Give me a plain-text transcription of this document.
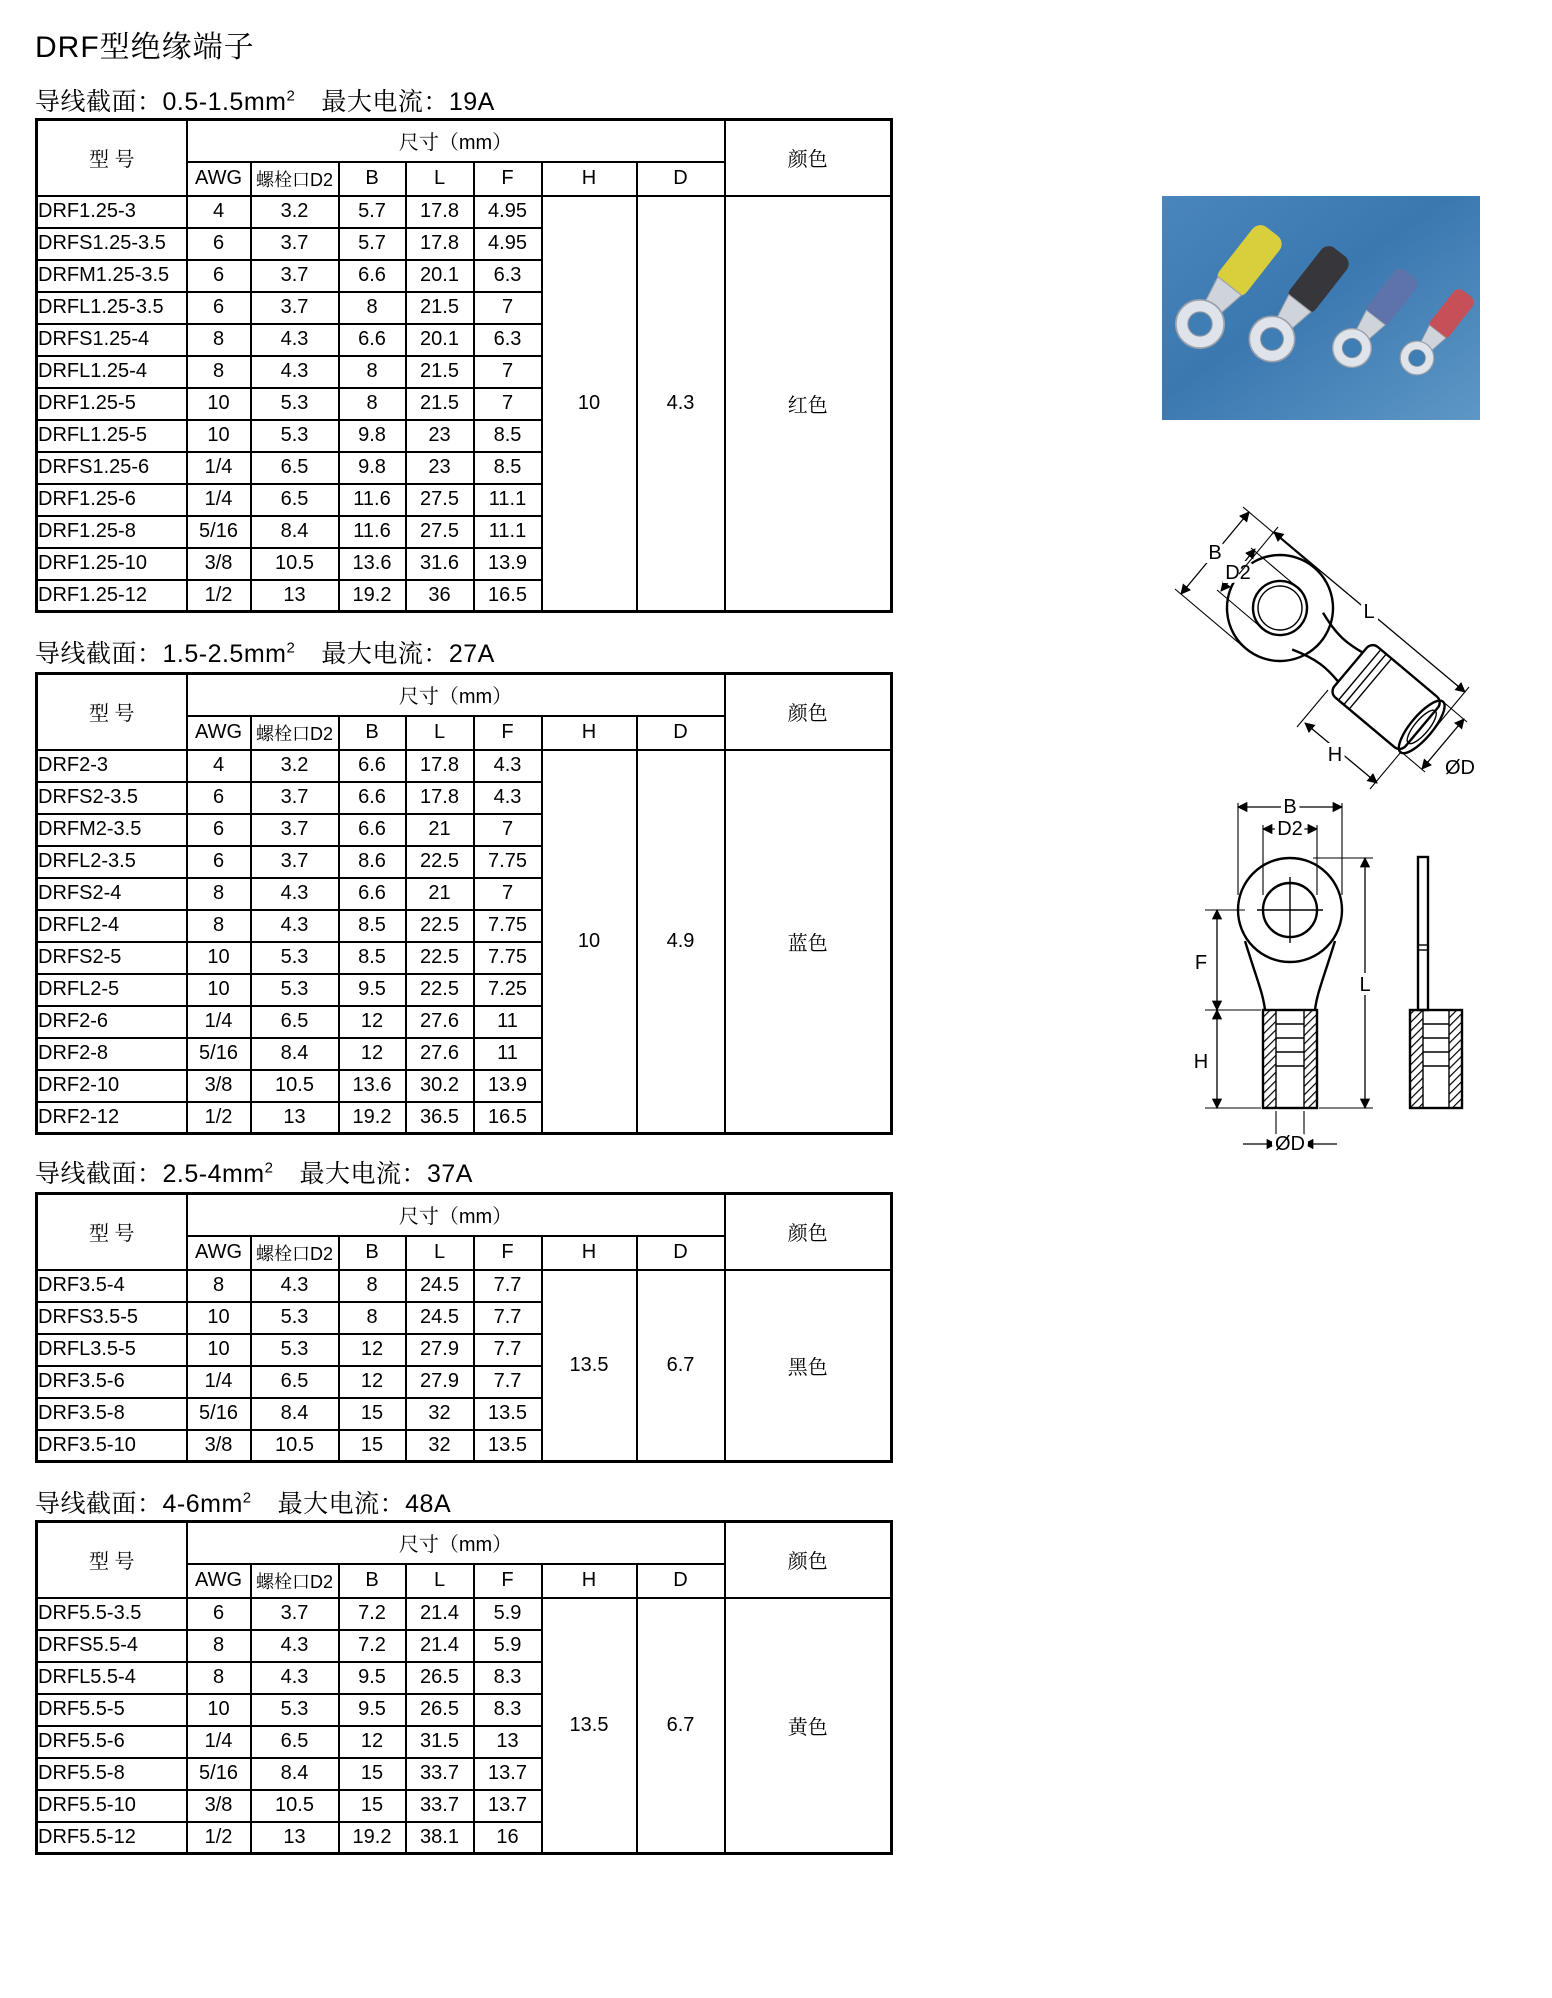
DRF型绝缘端子
导线截面：$0.5-1.5mm^2$ 最大电流：19A
导线截面：$1.5-2.5mm^2$ 最大电流：27A
导线截面：$2.5-4mm^2$ 最大电流：37A
导线截面：$4-6mm^2$ 最大电流：48A
型 号	尺寸（mm）							颜色
	AWG	螺栓口D2	B	L	F	H	D	
DRF1.25-3	4	3.2	5.7	17.8	4.95	10	4.3	红色
DRFS1.25-3.5	6	3.7	5.7	17.8	4.95			
DRFM1.25-3.5	6	3.7	6.6	20.1	6.3			
DRFL1.25-3.5	6	3.7	8	21.5	7			
DRFS1.25-4	8	4.3	6.6	20.1	6.3			
DRFL1.25-4	8	4.3	8	21.5	7			
DRF1.25-5	10	5.3	8	21.5	7			
DRFL1.25-5	10	5.3	9.8	23	8.5			
DRFS1.25-6	1/4	6.5	9.8	23	8.5			
DRF1.25-6	1/4	6.5	11.6	27.5	11.1			
DRF1.25-8	5/16	8.4	11.6	27.5	11.1			
DRF1.25-10	3/8	10.5	13.6	31.6	13.9			
DRF1.25-12	1/2	13	19.2	36	16.5			
型 号	尺寸（mm）							颜色
	AWG	螺栓口D2	B	L	F	H	D	
DRF2-3	4	3.2	6.6	17.8	4.3	10	4.9	蓝色
DRFS2-3.5	6	3.7	6.6	17.8	4.3			
DRFM2-3.5	6	3.7	6.6	21	7			
DRFL2-3.5	6	3.7	8.6	22.5	7.75			
DRFS2-4	8	4.3	6.6	21	7			
DRFL2-4	8	4.3	8.5	22.5	7.75			
DRFS2-5	10	5.3	8.5	22.5	7.75			
DRFL2-5	10	5.3	9.5	22.5	7.25			
DRF2-6	1/4	6.5	12	27.6	11			
DRF2-8	5/16	8.4	12	27.6	11			
DRF2-10	3/8	10.5	13.6	30.2	13.9			
DRF2-12	1/2	13	19.2	36.5	16.5			
型 号	尺寸（mm）							颜色
	AWG	螺栓口D2	B	L	F	H	D	
DRF3.5-4	8	4.3	8	24.5	7.7	13.5	6.7	黑色
DRFS3.5-5	10	5.3	8	24.5	7.7			
DRFL3.5-5	10	5.3	12	27.9	7.7			
DRF3.5-6	1/4	6.5	12	27.9	7.7			
DRF3.5-8	5/16	8.4	15	32	13.5			
DRF3.5-10	3/8	10.5	15	32	13.5			
型 号	尺寸（mm）							颜色
	AWG	螺栓口D2	B	L	F	H	D	
DRF5.5-3.5	6	3.7	7.2	21.4	5.9	13.5	6.7	黄色
DRFS5.5-4	8	4.3	7.2	21.4	5.9			
DRFL5.5-4	8	4.3	9.5	26.5	8.3			
DRF5.5-5	10	5.3	9.5	26.5	8.3			
DRF5.5-6	1/4	6.5	12	31.5	13			
DRF5.5-8	5/16	8.4	15	33.7	13.7			
DRF5.5-10	3/8	10.5	15	33.7	13.7			
DRF5.5-12	1/2	13	19.2	38.1	16			
B
D2
L
H
ØD
B
D2
F
H
L
ØD
